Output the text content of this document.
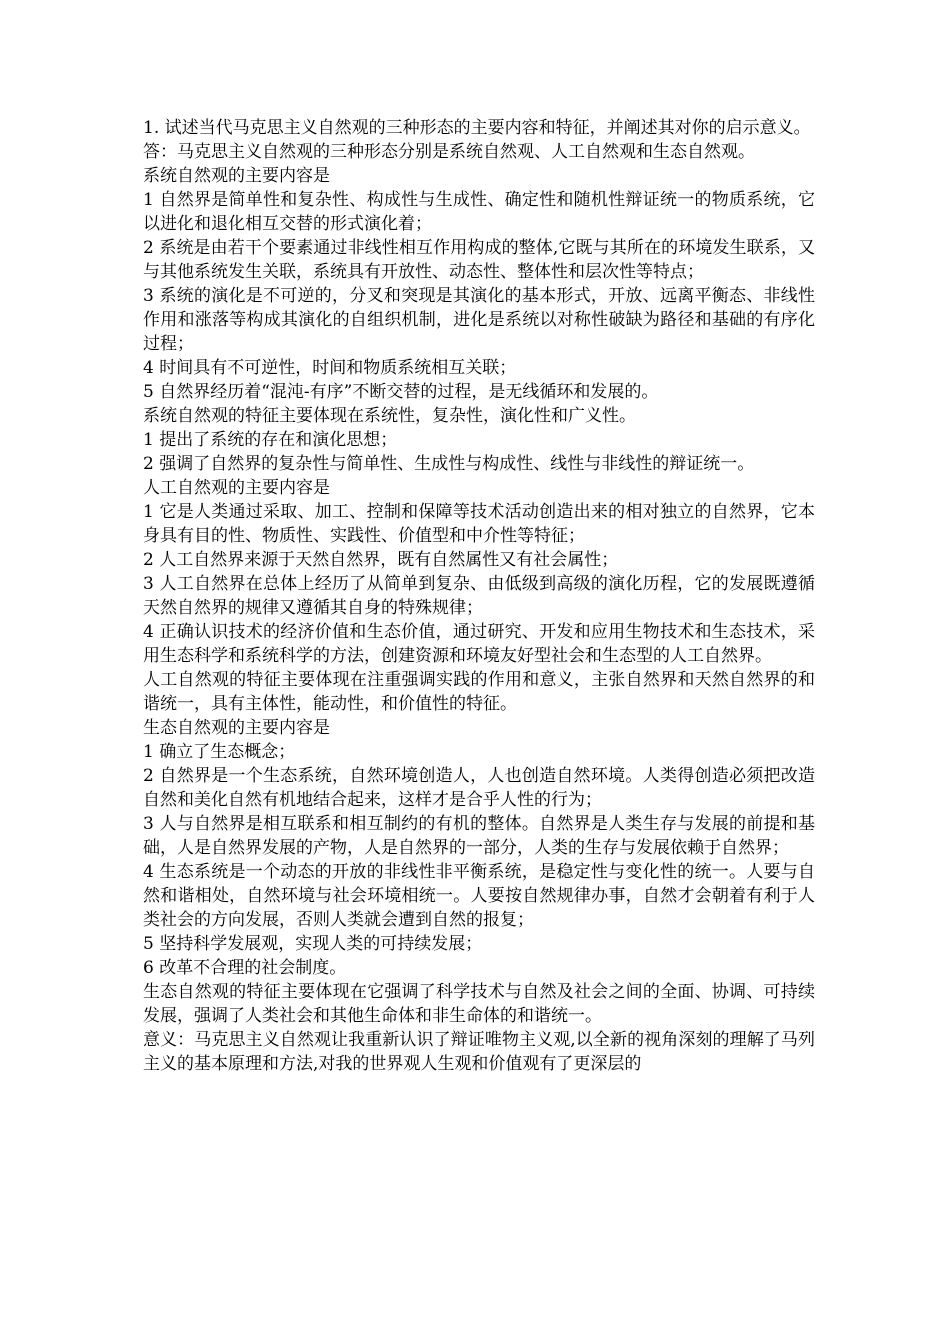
1. 试述当代马克思主义自然观的三种形态的主要内容和特征，并阐述其对你的启示意义。

答：马克思主义自然观的三种形态分别是系统自然观、人工自然观和生态自然观。

系统自然观的主要内容是

1 自然界是简单性和复杂性、构成性与生成性、确定性和随机性辩证统一的物质系统，它以进化和退化相互交替的形式演化着；

2 系统是由若干个要素通过非线性相互作用构成的整体,它既与其所在的环境发生联系，又与其他系统发生关联，系统具有开放性、动态性、整体性和层次性等特点；

3 系统的演化是不可逆的，分叉和突现是其演化的基本形式，开放、远离平衡态、非线性作用和涨落等构成其演化的自组织机制，进化是系统以对称性破缺为路径和基础的有序化过程；

4 时间具有不可逆性，时间和物质系统相互关联；

5 自然界经历着“混沌-有序”不断交替的过程，是无线循环和发展的。

系统自然观的特征主要体现在系统性，复杂性，演化性和广义性。

1 提出了系统的存在和演化思想；

2 强调了自然界的复杂性与简单性、生成性与构成性、线性与非线性的辩证统一。

人工自然观的主要内容是

1 它是人类通过采取、加工、控制和保障等技术活动创造出来的相对独立的自然界，它本身具有目的性、物质性、实践性、价值型和中介性等特征；

2 人工自然界来源于天然自然界，既有自然属性又有社会属性；

3 人工自然界在总体上经历了从简单到复杂、由低级到高级的演化历程，它的发展既遵循天然自然界的规律又遵循其自身的特殊规律；

4 正确认识技术的经济价值和生态价值，通过研究、开发和应用生物技术和生态技术，采用生态科学和系统科学的方法，创建资源和环境友好型社会和生态型的人工自然界。

人工自然观的特征主要体现在注重强调实践的作用和意义，主张自然界和天然自然界的和谐统一，具有主体性，能动性，和价值性的特征。

生态自然观的主要内容是

1 确立了生态概念；

2 自然界是一个生态系统，自然环境创造人，人也创造自然环境。人类得创造必须把改造自然和美化自然有机地结合起来，这样才是合乎人性的行为；

3 人与自然界是相互联系和相互制约的有机的整体。自然界是人类生存与发展的前提和基础，人是自然界发展的产物，人是自然界的一部分，人类的生存与发展依赖于自然界；

4 生态系统是一个动态的开放的非线性非平衡系统，是稳定性与变化性的统一。人要与自然和谐相处，自然环境与社会环境相统一。人要按自然规律办事，自然才会朝着有利于人类社会的方向发展，否则人类就会遭到自然的报复；

5 坚持科学发展观，实现人类的可持续发展；

6 改革不合理的社会制度。

生态自然观的特征主要体现在它强调了科学技术与自然及社会之间的全面、协调、可持续发展，强调了人类社会和其他生命体和非生命体的和谐统一。

意义：马克思主义自然观让我重新认识了辩证唯物主义观,以全新的视角深刻的理解了马列主义的基本原理和方法,对我的世界观人生观和价值观有了更深层的
